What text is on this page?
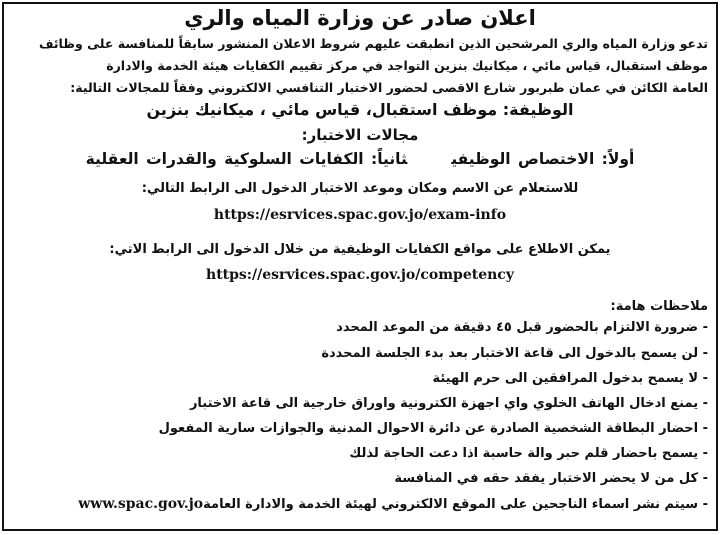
اعلان صادر عن وزارة المياه والري
تدعو وزارة المياه والري المرشحين الذين انطبقت عليهم شروط الاعلان المنشور سابقاً للمنافسة على وظائف
موظف استقبال، قياس مائي ، ميكانيك بنزين التواجد في مركز تقييم الكفايات هيئة الخدمة والادارة
العامة الكائن في عمان طبربور شارع الاقصى لحضور الاختبار التنافسي الالكتروني وفقاً للمجالات التالية:
الوظيفة: موظف استقبال، قياس مائي ، ميكانيك بنزين
مجالات الاختبار:
أولاً: الاختصاص الوظيفيثانياً: الكفايات السلوكية والقدرات العقلية
للاستعلام عن الاسم ومكان وموعد الاختبار الدخول الى الرابط التالي:
https://esrvices.spac.gov.jo/exam-info
يمكن الاطلاع على مواقع الكفايات الوظيفية من خلال الدخول الى الرابط الاتي:
https://esrvices.spac.gov.jo/competency
ملاحظات هامة:
- ضرورة الالتزام بالحضور قبل ٤٥ دقيقة من الموعد المحدد
- لن يسمح بالدخول الى قاعة الاختبار بعد بدء الجلسة المحددة
- لا يسمح بدخول المرافقين الى حرم الهيئة
- يمنع ادخال الهاتف الخلوي واي اجهزة الكترونية واوراق خارجية الى قاعة الاختبار
- احضار البطاقة الشخصية الصادرة عن دائرة الاحوال المدنية والجوازات سارية المفعول
- يسمح باحضار قلم حبر والة حاسبة اذا دعت الحاجة لذلك
- كل من لا يحضر الاختبار يفقد حقه في المنافسة
- سيتم نشر اسماء الناجحين على الموقع الالكتروني لهيئة الخدمة والادارة العامةwww.spac.gov.jo
